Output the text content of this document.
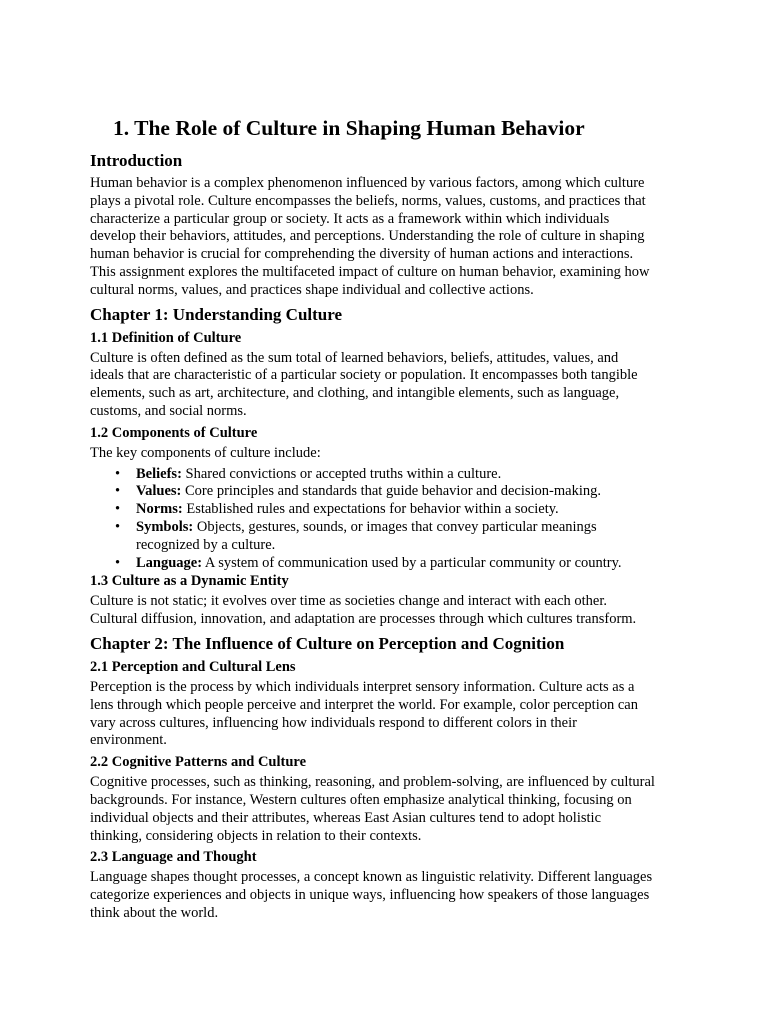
1. The Role of Culture in Shaping Human Behavior
Introduction

Human behavior is a complex phenomenon influenced by various factors, among which culture
plays a pivotal role. Culture encompasses the beliefs, norms, values, customs, and practices that
characterize a particular group or society. It acts as a framework within which individuals
develop their behaviors, attitudes, and perceptions. Understanding the role of culture in shaping
human behavior is crucial for comprehending the diversity of human actions and interactions.
This assignment explores the multifaceted impact of culture on human behavior, examining how
cultural norms, values, and practices shape individual and collective actions.

Chapter 1: Understanding Culture
1.1 Definition of Culture

Culture is often defined as the sum total of learned behaviors, beliefs, attitudes, values, and
ideals that are characteristic of a particular society or population. It encompasses both tangible
elements, such as art, architecture, and clothing, and intangible elements, such as language,
customs, and social norms.

1.2 Components of Culture

The key components of culture include:

• Beliefs: Shared convictions or accepted truths within a culture.
• Values: Core principles and standards that guide behavior and decision-making.
• Norms: Established rules and expectations for behavior within a society.
• Symbols: Objects, gestures, sounds, or images that convey particular meanings
recognized by a culture.
• Language: A system of communication used by a particular community or country.
1.3 Culture as a Dynamic Entity

Culture is not static; it evolves over time as societies change and interact with each other.
Cultural diffusion, innovation, and adaptation are processes through which cultures transform.

Chapter 2: The Influence of Culture on Perception and Cognition
2.1 Perception and Cultural Lens

Perception is the process by which individuals interpret sensory information. Culture acts as a
lens through which people perceive and interpret the world. For example, color perception can
vary across cultures, influencing how individuals respond to different colors in their
environment.

2.2 Cognitive Patterns and Culture

Cognitive processes, such as thinking, reasoning, and problem-solving, are influenced by cultural
backgrounds. For instance, Western cultures often emphasize analytical thinking, focusing on
individual objects and their attributes, whereas East Asian cultures tend to adopt holistic
thinking, considering objects in relation to their contexts.

2.3 Language and Thought

Language shapes thought processes, a concept known as linguistic relativity. Different languages
categorize experiences and objects in unique ways, influencing how speakers of those languages
think about the world.
